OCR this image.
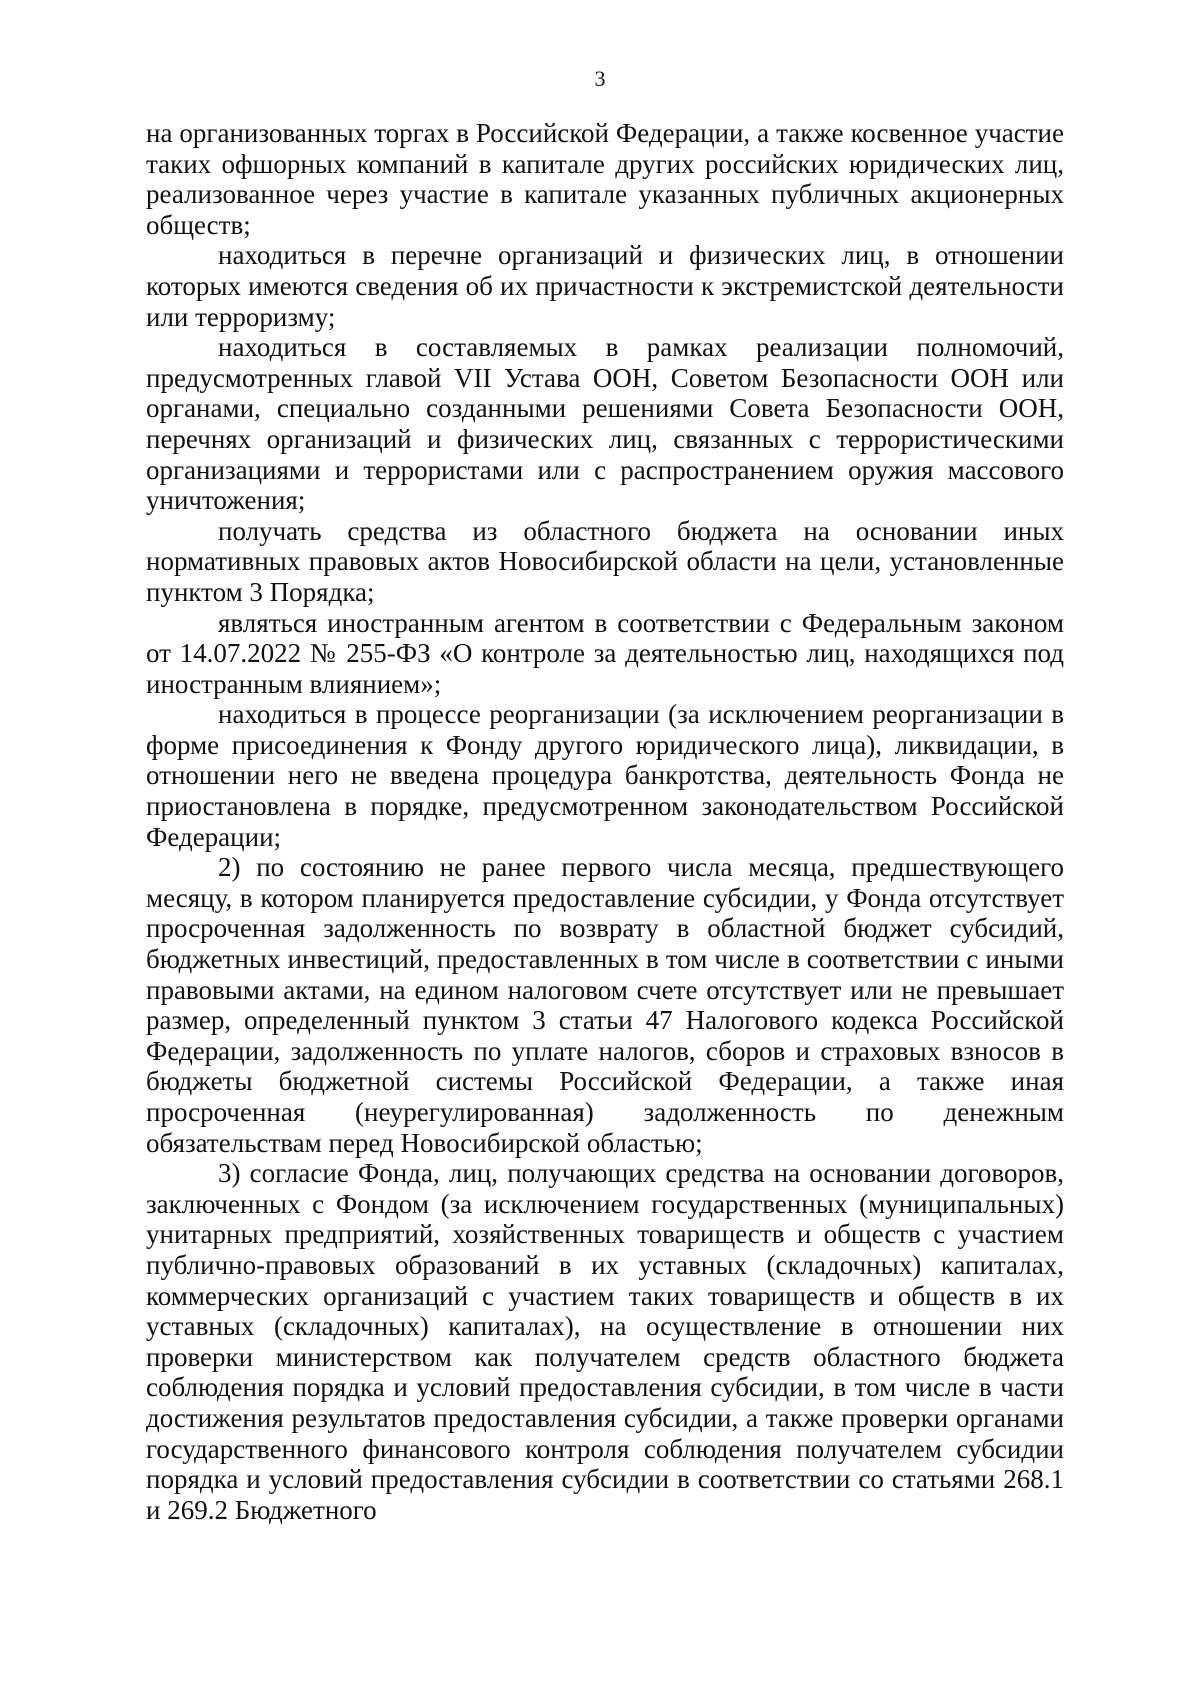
3

на организованных торгах в Российской Федерации, а также косвенное участие таких офшорных компаний в капитале других российских юридических лиц, реализованное через участие в капитале указанных публичных акционерных обществ;

находиться в перечне организаций и физических лиц, в отношении которых имеются сведения об их причастности к экстремистской деятельности или терроризму;

находиться в составляемых в рамках реализации полномочий, предусмотренных главой VII Устава ООН, Советом Безопасности ООН или органами, специально созданными решениями Совета Безопасности ООН, перечнях организаций и физических лиц, связанных с террористическими организациями и террористами или с распространением оружия массового уничтожения;

получать средства из областного бюджета на основании иных нормативных правовых актов Новосибирской области на цели, установленные пунктом 3 Порядка;

являться иностранным агентом в соответствии с Федеральным законом от 14.07.2022 № 255-ФЗ «О контроле за деятельностью лиц, находящихся под иностранным влиянием»;

находиться в процессе реорганизации (за исключением реорганизации в форме присоединения к Фонду другого юридического лица), ликвидации, в отношении него не введена процедура банкротства, деятельность Фонда не приостановлена в порядке, предусмотренном законодательством Российской Федерации;

2) по состоянию не ранее первого числа месяца, предшествующего месяцу, в котором планируется предоставление субсидии, у Фонда отсутствует просроченная задолженность по возврату в областной бюджет субсидий, бюджетных инвестиций, предоставленных в том числе в соответствии с иными правовыми актами, на едином налоговом счете отсутствует или не превышает размер, определенный пунктом 3 статьи 47 Налогового кодекса Российской Федерации, задолженность по уплате налогов, сборов и страховых взносов в бюджеты бюджетной системы Российской Федерации, а также иная просроченная (неурегулированная) задолженность по денежным обязательствам перед Новосибирской областью;

3) согласие Фонда, лиц, получающих средства на основании договоров, заключенных с Фондом (за исключением государственных (муниципальных) унитарных предприятий, хозяйственных товариществ и обществ с участием публично-правовых образований в их уставных (складочных) капиталах, коммерческих организаций с участием таких товариществ и обществ в их уставных (складочных) капиталах), на осуществление в отношении них проверки министерством как получателем средств областного бюджета соблюдения порядка и условий предоставления субсидии, в том числе в части достижения результатов предоставления субсидии, а также проверки органами государственного финансового контроля соблюдения получателем субсидии порядка и условий предоставления субсидии в соответствии со статьями 268.1 и 269.2 Бюджетного
